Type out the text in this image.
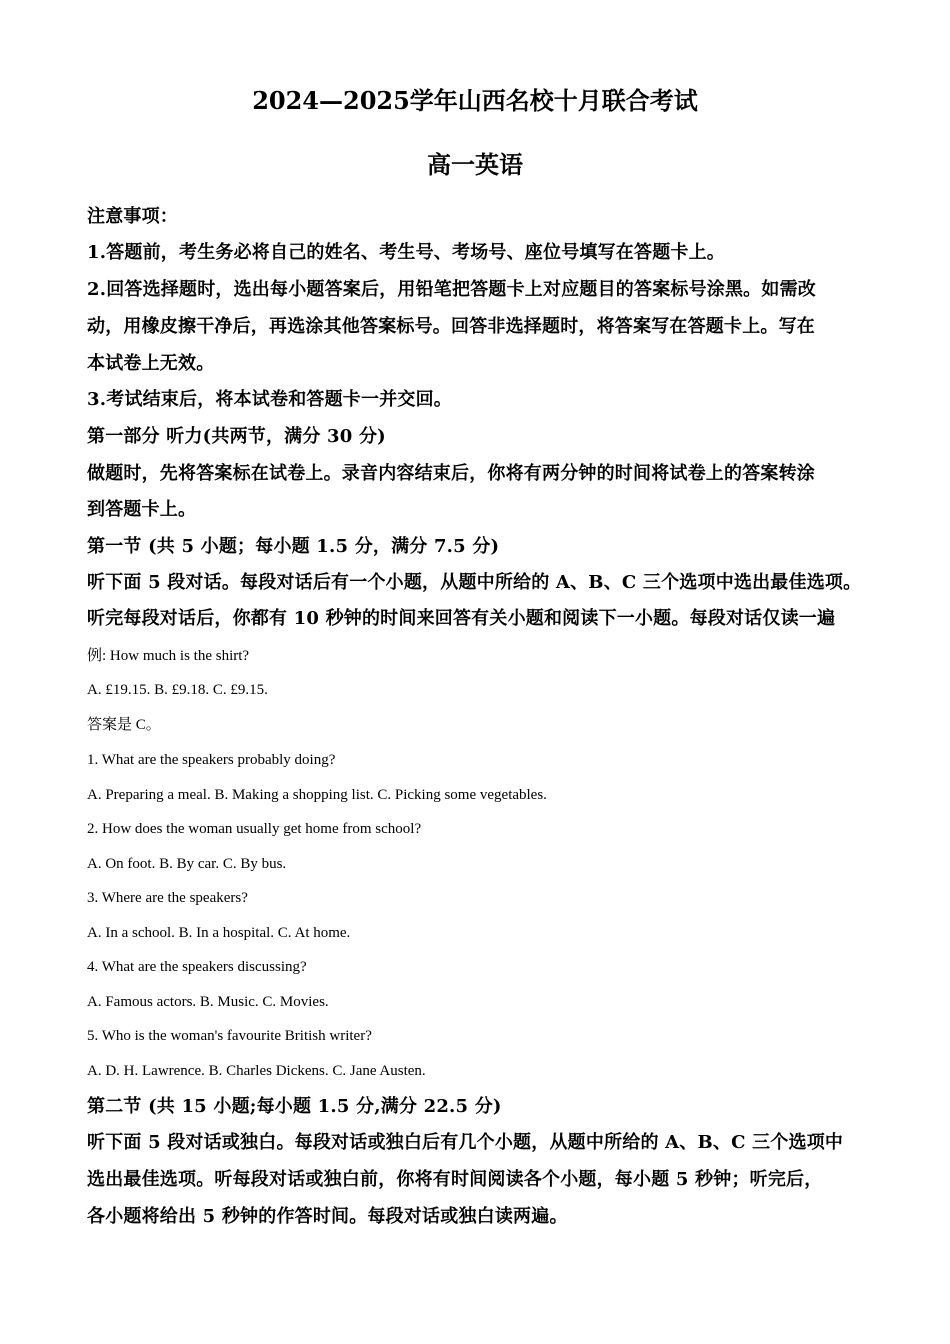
2024—2025学年山西名校十月联合考试
高一英语
注意事项：
1.答题前，考生务必将自己的姓名、考生号、考场号、座位号填写在答题卡上。
2.回答选择题时，选出每小题答案后，用铅笔把答题卡上对应题目的答案标号涂黑。如需改
动，用橡皮擦干净后，再选涂其他答案标号。回答非选择题时，将答案写在答题卡上。写在
本试卷上无效。
3.考试结束后，将本试卷和答题卡一并交回。
第一部分 听力(共两节，满分 30 分)
做题时，先将答案标在试卷上。录音内容结束后，你将有两分钟的时间将试卷上的答案转涂
到答题卡上。
第一节 (共 5 小题；每小题 1.5 分，满分 7.5 分)
听下面 5 段对话。每段对话后有一个小题，从题中所给的 A、B、C 三个选项中选出最佳选项。
听完每段对话后，你都有 10 秒钟的时间来回答有关小题和阅读下一小题。每段对话仅读一遍
例: How much is the shirt?
A. £19.15. B. £9.18. C. £9.15.
答案是 C。
1. What are the speakers probably doing?
A. Preparing a meal. B. Making a shopping list. C. Picking some vegetables.
2. How does the woman usually get home from school?
A. On foot. B. By car. C. By bus.
3. Where are the speakers?
A. In a school. B. In a hospital. C. At home.
4. What are the speakers discussing?
A. Famous actors. B. Music. C. Movies.
5. Who is the woman's favourite British writer?
A. D. H. Lawrence. B. Charles Dickens. C. Jane Austen.
第二节 (共 15 小题;每小题 1.5 分,满分 22.5 分)
听下面 5 段对话或独白。每段对话或独白后有几个小题，从题中所给的 A、B、C 三个选项中
选出最佳选项。听每段对话或独白前，你将有时间阅读各个小题，每小题 5 秒钟；听完后，
各小题将给出 5 秒钟的作答时间。每段对话或独白读两遍。
